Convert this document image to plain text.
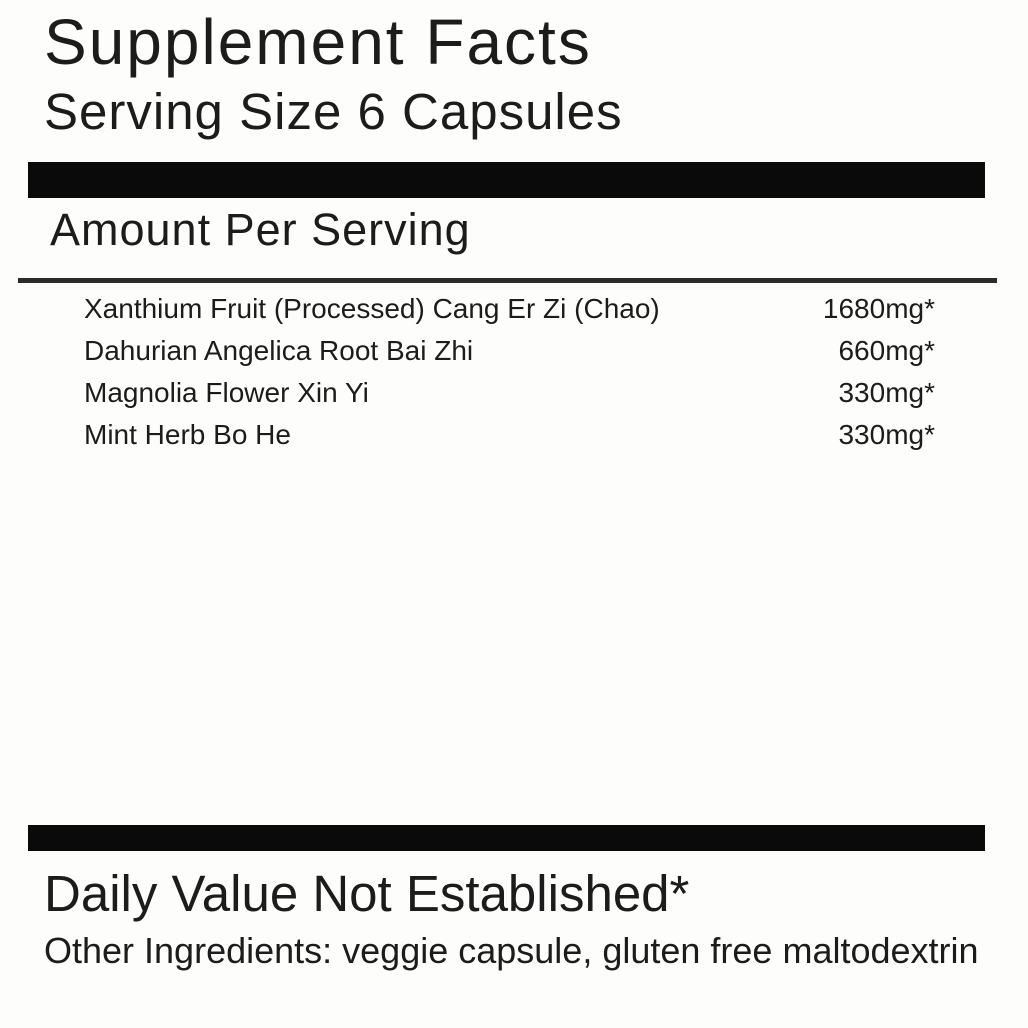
Supplement Facts
Serving Size 6 Capsules
Amount Per Serving
Xanthium Fruit (Processed) Cang Er Zi (Chao)	1680mg*
Dahurian Angelica Root Bai Zhi	660mg*
Magnolia Flower Xin Yi	330mg*
Mint Herb Bo He	330mg*
Daily Value Not Established*
Other Ingredients: veggie capsule, gluten free maltodextrin
